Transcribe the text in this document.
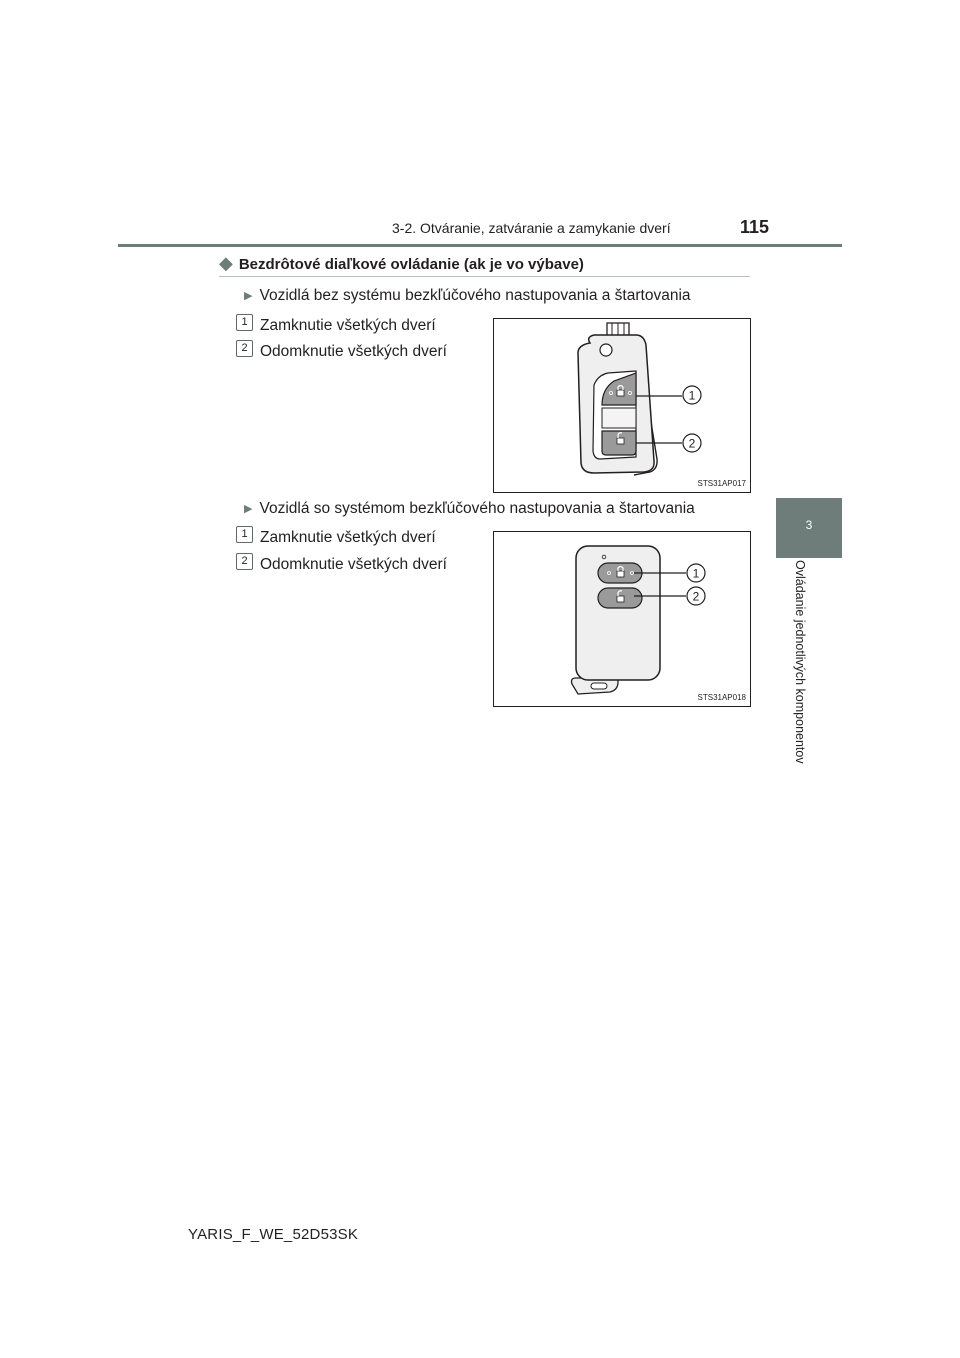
3-2. Otváranie, zatváranie a zamykanie dverí	115
3
Ovládanie jednotlivých komponentov
◆ Bezdrôtové diaľkové ovládanie (ak je vo výbave)
▶ Vozidlá bez systému bezkľúčového nastupovania a štartovania
1 Zamknutie všetkých dverí
2 Odomknutie všetkých dverí
1
2
STS31AP017
▶ Vozidlá so systémom bezkľúčového nastupovania a štartovania
1 Zamknutie všetkých dverí
2 Odomknutie všetkých dverí
1
2
STS31AP018
YARIS_F_WE_52D53SK
